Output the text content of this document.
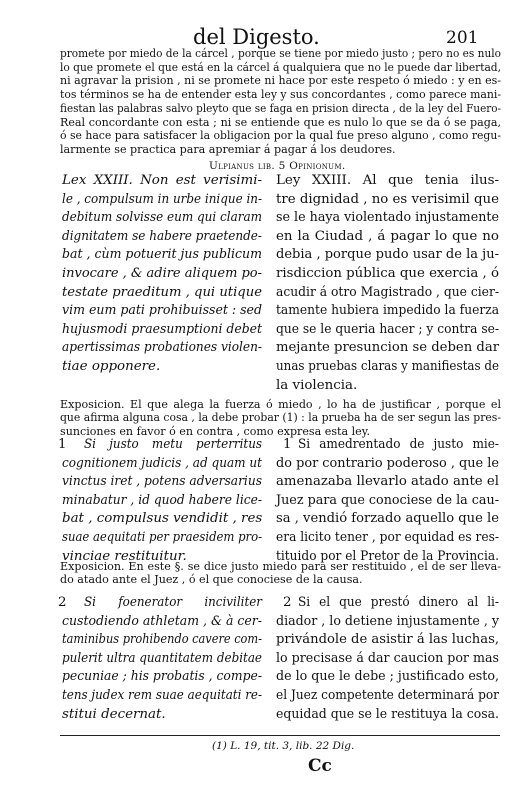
del Digesto.	201
promete por miedo de la cárcel , porque se tiene por miedo justo ; pero no es nulo
lo que promete el que está en la cárcel á qualquiera que no le puede dar libertad,
ni agravar la prision , ni se promete ni hace por este respeto ó miedo : y en es-
tos términos se ha de entender esta ley y sus concordantes , como parece mani-
fiestan las palabras salvo pleyto que se faga en prision directa , de la ley del Fuero-
Real concordante con esta ; ni se entiende que es nulo lo que se da ó se paga,
ó se hace para satisfacer la obligacion por la qual fue preso alguno , como regu-
larmente se practica para apremiar á pagar á los deudores.
Ulpianus lib. 5 Opinionum.
Lex XXIII. Non est verisimi-
le , compulsum in urbe inique in-
debitum solvisse eum qui claram
dignitatem se habere praetende-
bat , cùm potuerit jus publicum
invocare , & adire aliquem po-
testate praeditum , qui utique
vim eum pati prohibuisset : sed
hujusmodi praesumptioni debet
apertissimas probationes violen-
tiae opponere.
Ley XXIII. Al que tenia ilus-
tre dignidad , no es verisimil que
se le haya violentado injustamente
en la Ciudad , á pagar lo que no
debia , porque pudo usar de la ju-
risdiccion pública que exercia , ó
acudir á otro Magistrado , que cier-
tamente hubiera impedido la fuerza
que se le queria hacer ; y contra se-
mejante presuncion se deben dar
unas pruebas claras y manifiestas de
la violencia.
Exposicion. El que alega la fuerza ó miedo , lo ha de justificar , porque el
que afirma alguna cosa , la debe probar (1) : la prueba ha de ser segun las pres-
sunciones en favor ó en contra , como expresa esta ley.
1	1
Si justo metu perterritus
cognitionem judicis , ad quam ut
vinctus iret , potens adversarius
minabatur , id quod habere lice-
bat , compulsus vendidit , res
suae aequitati per praesidem pro-
vinciae restituitur.
Si amedrentado de justo mie-
do por contrario poderoso , que le
amenazaba llevarlo atado ante el
Juez para que conociese de la cau-
sa , vendió forzado aquello que le
era licito tener , por equidad es res-
tituido por el Pretor de la Provincia.
Exposicion. En este §. se dice justo miedo para ser restituido , el de ser lleva-
do atado ante el Juez , ó el que conociese de la causa.
2	2
Si foenerator inciviliter
custodiendo athletam , & à cer-
taminibus prohibendo cavere com-
pulerit ultra quantitatem debitae
pecuniae ; his probatis , compe-
tens judex rem suae aequitati re-
stitui decernat.
Si el que prestó dinero al li-
diador , lo detiene injustamente , y
privándole de asistir á las luchas,
lo precisase á dar caucion por mas
de lo que le debe ; justificado esto,
el Juez competente determinará por
equidad que se le restituya la cosa.
(1) L. 19, tit. 3, lib. 22 Dig.
Cc
